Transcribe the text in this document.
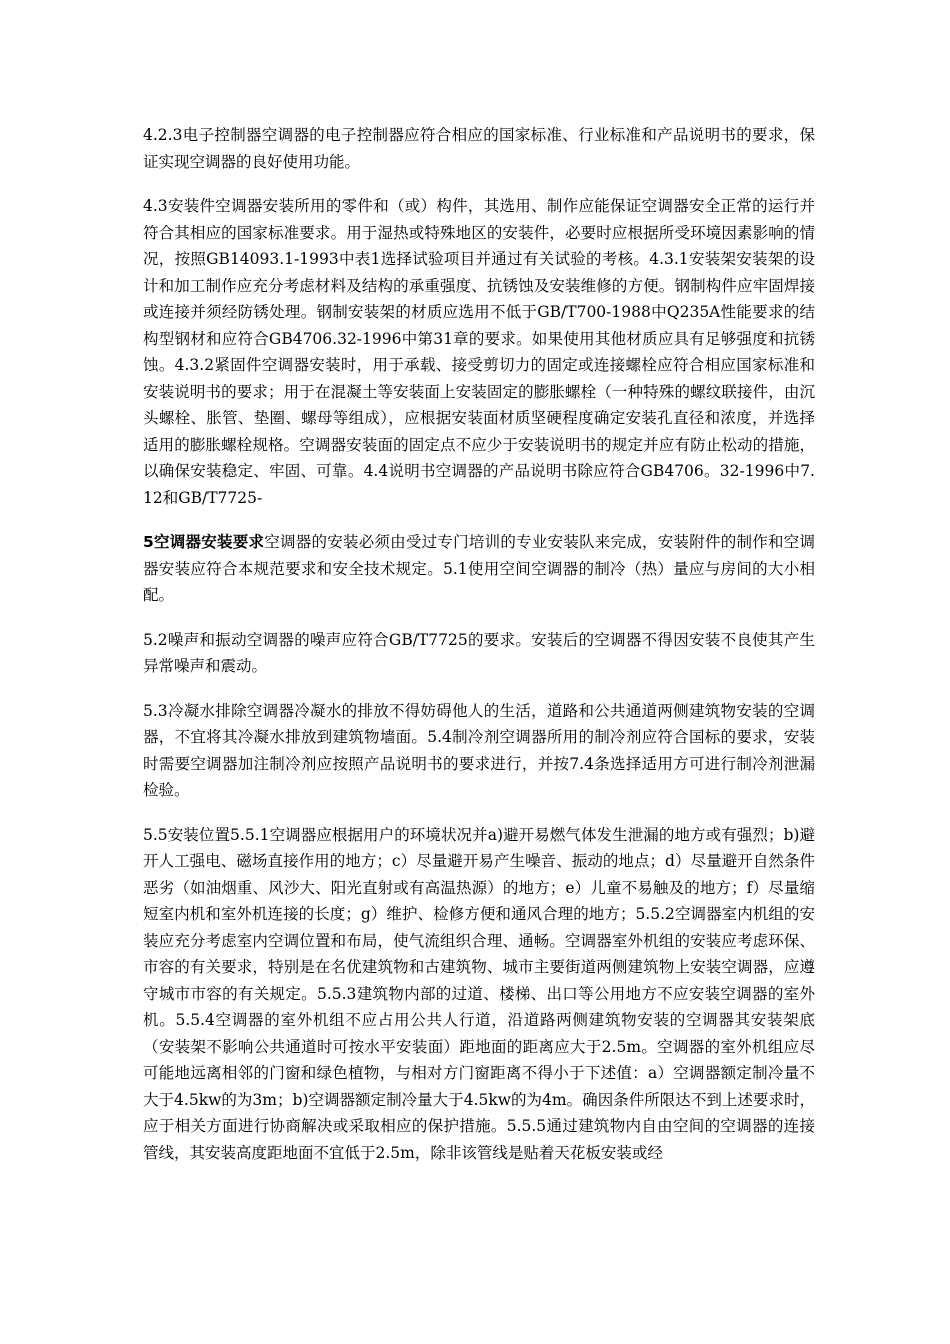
4.2.3电子控制器空调器的电子控制器应符合相应的国家标准、行业标准和产品说明书的要求，保证实现空调器的良好使用功能。

4.3安装件空调器安装所用的零件和（或）构件，其选用、制作应能保证空调器安全正常的运行并符合其相应的国家标准要求。用于湿热或特殊地区的安装件，必要时应根据所受环境因素影响的情况，按照GB14093.1-1993中表1选择试验项目并通过有关试验的考核。4.3.1安装架安装架的设计和加工制作应充分考虑材料及结构的承重强度、抗锈蚀及安装维修的方便。钢制构件应牢固焊接或连接并须经防锈处理。钢制安装架的材质应选用不低于GB/T700-1988中Q235A性能要求的结构型钢材和应符合GB4706.32-1996中第31章的要求。如果使用其他材质应具有足够强度和抗锈蚀。4.3.2紧固件空调器安装时，用于承载、接受剪切力的固定或连接螺栓应符合相应国家标准和安装说明书的要求；用于在混凝土等安装面上安装固定的膨胀螺栓（一种特殊的螺纹联接件，由沉头螺栓、胀管、垫圈、螺母等组成），应根据安装面材质坚硬程度确定安装孔直径和浓度，并选择适用的膨胀螺栓规格。空调器安装面的固定点不应少于安装说明书的规定并应有防止松动的措施，以确保安装稳定、牢固、可靠。4.4说明书空调器的产品说明书除应符合GB4706。32-1996中7.12和GB/T7725-

5空调器安装要求空调器的安装必须由受过专门培训的专业安装队来完成，安装附件的制作和空调器安装应符合本规范要求和安全技术规定。5.1使用空间空调器的制冷（热）量应与房间的大小相配。

5.2噪声和振动空调器的噪声应符合GB/T7725的要求。安装后的空调器不得因安装不良使其产生异常噪声和震动。

5.3冷凝水排除空调器冷凝水的排放不得妨碍他人的生活，道路和公共通道两侧建筑物安装的空调器，不宜将其冷凝水排放到建筑物墙面。5.4制冷剂空调器所用的制冷剂应符合国标的要求，安装时需要空调器加注制冷剂应按照产品说明书的要求进行，并按7.4条选择适用方可进行制冷剂泄漏检验。

5.5安装位置5.5.1空调器应根据用户的环境状况并a)避开易燃气体发生泄漏的地方或有强烈；b)避开人工强电、磁场直接作用的地方；c）尽量避开易产生噪音、振动的地点；d）尽量避开自然条件恶劣（如油烟重、风沙大、阳光直射或有高温热源）的地方；e）儿童不易触及的地方；f）尽量缩短室内机和室外机连接的长度；g）维护、检修方便和通风合理的地方；5.5.2空调器室内机组的安装应充分考虑室内空调位置和布局，使气流组织合理、通畅。空调器室外机组的安装应考虑环保、市容的有关要求，特别是在名优建筑物和古建筑物、城市主要街道两侧建筑物上安装空调器，应遵守城市市容的有关规定。5.5.3建筑物内部的过道、楼梯、出口等公用地方不应安装空调器的室外机。5.5.4空调器的室外机组不应占用公共人行道，沿道路两侧建筑物安装的空调器其安装架底（安装架不影响公共通道时可按水平安装面）距地面的距离应大于2.5m。空调器的室外机组应尽可能地远离相邻的门窗和绿色植物，与相对方门窗距离不得小于下述值：a）空调器额定制冷量不大于4.5kw的为3m；b)空调器额定制冷量大于4.5kw的为4m。确因条件所限达不到上述要求时，应于相关方面进行协商解决或采取相应的保护措施。5.5.5通过建筑物内自由空间的空调器的连接管线，其安装高度距地面不宜低于2.5m，除非该管线是贴着天花板安装或经
